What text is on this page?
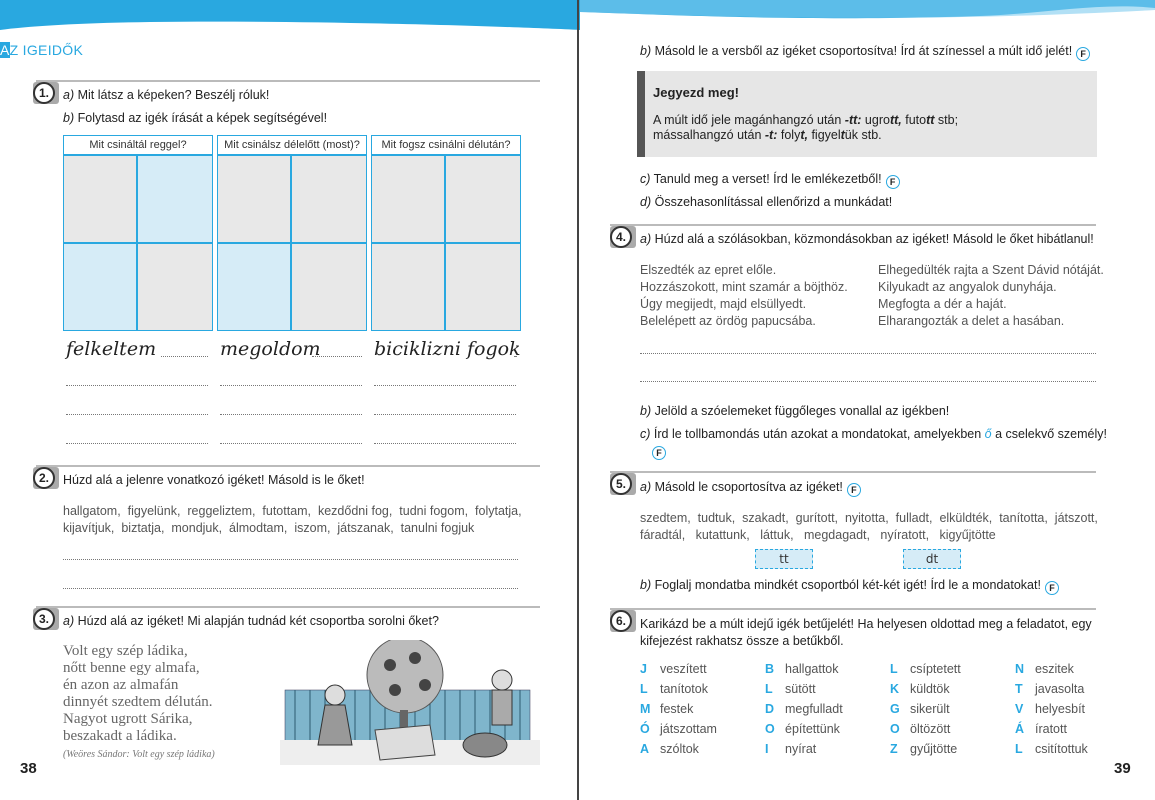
AZ IGEIDŐK
1.	a) Mit látsz a képeken? Beszélj róluk!
b) Folytasd az igék írását a képek segítségével!
Mit csináltál reggel?	Mit csinálsz délelőtt (most)?	Mit fogsz csinálni délután?
felkeltem	megoldom	biciklizni fogok
2.	Húzd alá a jelenre vonatkozó igéket! Másold is le őket!
hallgatom,  figyelünk,  reggeliztem,  futottam,  kezdődni fog,  tudni fogom,  folytatja,
kijavítjuk,  biztatja,  mondjuk,  álmodtam,  iszom,  játszanak,  tanulni fogjuk
3.	a) Húzd alá az igéket! Mi alapján tudnád két csoportba sorolni őket?
Volt egy szép ládika,
nőtt benne egy almafa,
én azon az almafán
dinnyét szedtem délután.
Nagyot ugrott Sárika,
beszakadt a ládika.
(Weöres Sándor: Volt egy szép ládika)
38
b) Másold le a versből az igéket csoportosítva! Írd át színessel a múlt idő jelét! F
Jegyezd meg!
A múlt idő jele magánhangzó után -tt: ugrott, futott stb;
mássalhangzó után -t: folyt, figyeltük stb.
c) Tanuld meg a verset! Írd le emlékezetből! F
d) Összehasonlítással ellenőrizd a munkádat!
4.	a) Húzd alá a szólásokban, közmondásokban az igéket! Másold le őket hibátlanul!
Elszedték az epret előle.
Hozzászokott, mint szamár a böjthöz.
Úgy megijedt, majd elsüllyedt.
Belelépett az ördög papucsába.
Elhegedülték rajta a Szent Dávid nótáját.
Kilyukadt az angyalok dunyhája.
Megfogta a dér a haját.
Elharangozták a delet a hasában.
b) Jelöld a szóelemeket függőleges vonallal az igékben!
c) Írd le tollbamondás után azokat a mondatokat, amelyekben ő a cselekvő személy!
F
5.	a) Másold le csoportosítva az igéket! F
szedtem,  tudtuk,  szakadt,  gurított,  nyitotta,  fulladt,  elküldték,  tanította,  játszott,
fáradtál,   kutattunk,   láttuk,   megdagadt,   nyíratott,   kigyűjtötte
tt	dt
b) Foglalj mondatba mindkét csoportból két-két igét! Írd le a mondatokat! F
6.	Karikázd be a múlt idejű igék betűjelét! Ha helyesen oldottad meg a feladatot, egy
kifejezést rakhatsz össze a betűkből.
J veszített	B hallgattok	L csíptetett	N eszitek
L tanítotok	L sütött	K küldtök	T javasolta
M festek	D megfulladt	G sikerült	V helyesbít
Ó játszottam	O építettünk	O öltözött	Á íratott
A szóltok	I nyírat	Z gyűjtötte	L csitítottuk
39
